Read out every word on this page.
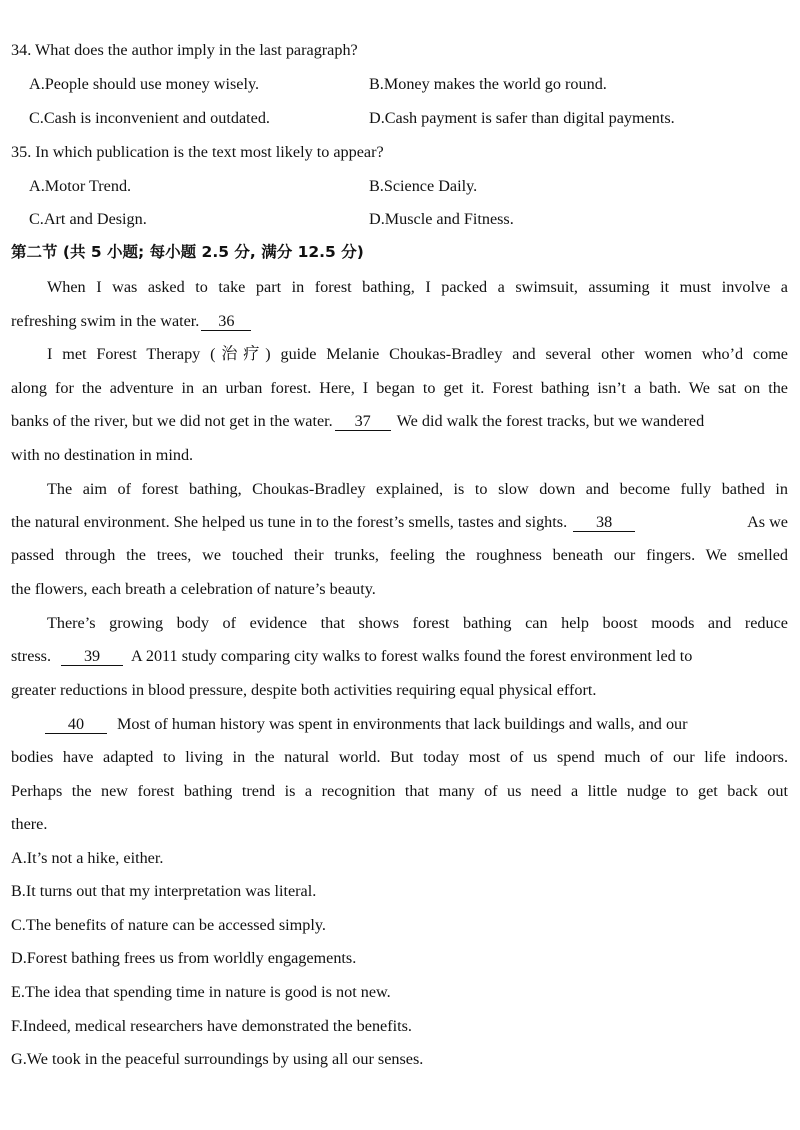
34. What does the author imply in the last paragraph?
A.People should use money wisely.	B.Money makes the world go round.
C.Cash is inconvenient and outdated.	D.Cash payment is safer than digital payments.
35. In which publication is the text most likely to appear?
A.Motor Trend.	B.Science Daily.
C.Art and Design.	D.Muscle and Fitness.
第二节 (共 5 小题; 每小题 2.5 分, 满分 12.5 分)
When I was asked to take part in forest bathing, I packed a swimsuit, assuming it must involve a
refreshing swim in the water. 36
I met Forest Therapy (治疗) guide Melanie Choukas-Bradley and several other women who’d come
along for the adventure in an urban forest. Here, I began to get it. Forest bathing isn’t a bath. We sat on the
banks of the river, but we did not get in the water. 37 We did walk the forest tracks, but we wandered
with no destination in mind.
The aim of forest bathing, Choukas-Bradley explained, is to slow down and become fully bathed in
the natural environment. She helped us tune in to the forest’s smells, tastes and sights. 38	As we
passed through the trees, we touched their trunks, feeling the roughness beneath our fingers. We smelled
the flowers, each breath a celebration of nature’s beauty.
There’s growing body of evidence that shows forest bathing can help boost moods and reduce
stress. 39 A 2011 study comparing city walks to forest walks found the forest environment led to
greater reductions in blood pressure, despite both activities requiring equal physical effort.
40 Most of human history was spent in environments that lack buildings and walls, and our
bodies have adapted to living in the natural world. But today most of us spend much of our life indoors.
Perhaps the new forest bathing trend is a recognition that many of us need a little nudge to get back out
there.
A.It’s not a hike, either.
B.It turns out that my interpretation was literal.
C.The benefits of nature can be accessed simply.
D.Forest bathing frees us from worldly engagements.
E.The idea that spending time in nature is good is not new.
F.Indeed, medical researchers have demonstrated the benefits.
G.We took in the peaceful surroundings by using all our senses.
